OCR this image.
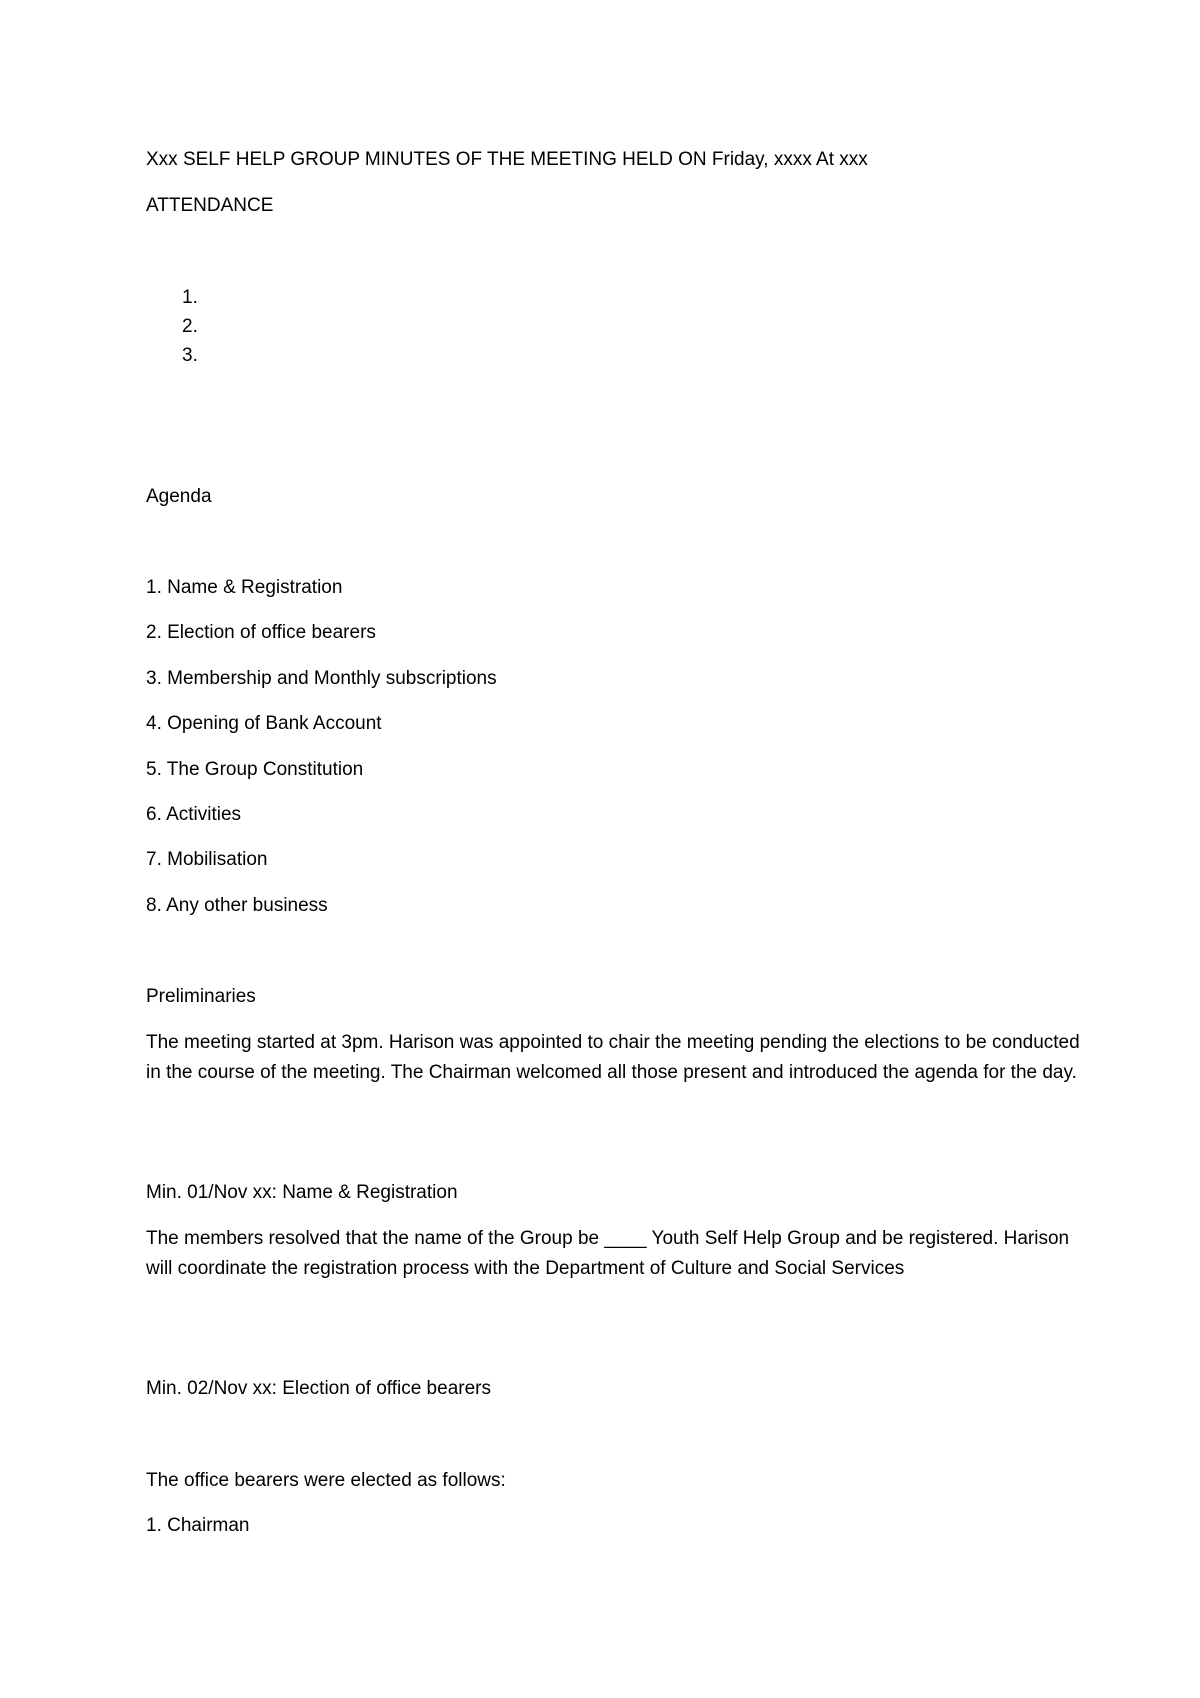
Xxx SELF HELP GROUP MINUTES OF THE MEETING HELD ON Friday, xxxx At xxx

ATTENDANCE

1.
2.
3.

Agenda

1. Name & Registration

2. Election of office bearers

3. Membership and Monthly subscriptions

4. Opening of Bank Account

5. The Group Constitution

6. Activities

7. Mobilisation

8. Any other business

Preliminaries

The meeting started at 3pm. Harison was appointed to chair the meeting pending the elections to be conducted in the course of the meeting. The Chairman welcomed all those present and introduced the agenda for the day.

Min. 01/Nov xx: Name & Registration

The members resolved that the name of the Group be ____ Youth Self Help Group and be registered. Harison will coordinate the registration process with the Department of Culture and Social Services

Min. 02/Nov xx: Election of office bearers

The office bearers were elected as follows:

1. Chairman
